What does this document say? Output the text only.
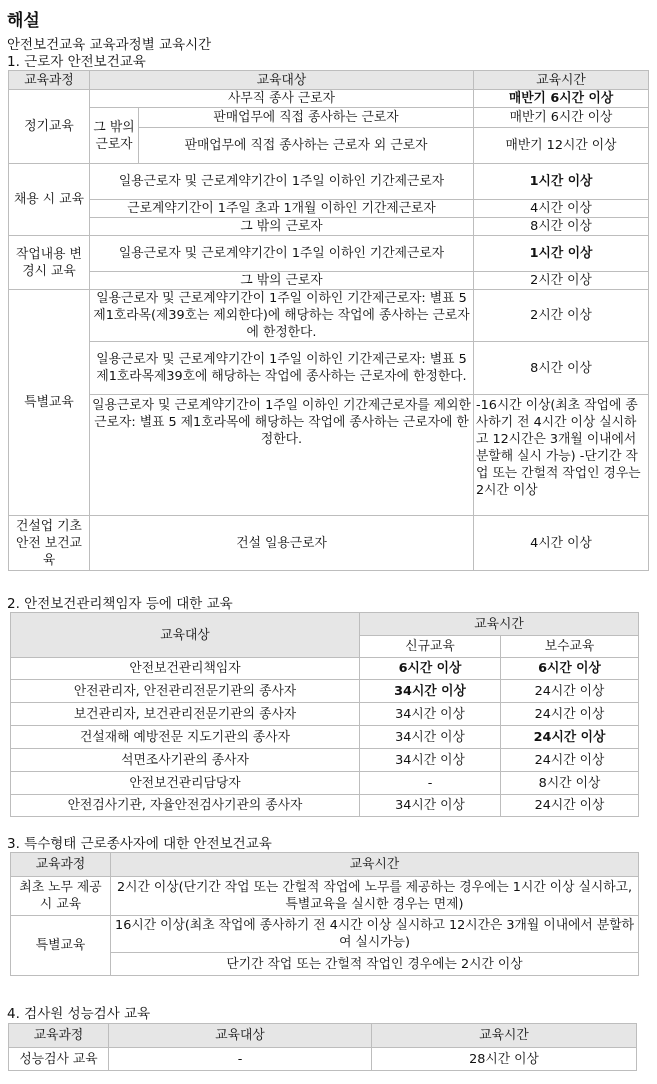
해설
안전보건교육 교육과정별 교육시간
1. 근로자 안전보건교육
교육과정	교육대상		교육시간
정기교육	사무직 종사 근로자		매반기 6시간 이상
	그 밖의 근로자	판매업무에 직접 종사하는 근로자	매반기 6시간 이상
		판매업무에 직접 종사하는 근로자 외 근로자	매반기 12시간 이상
채용 시 교육	일용근로자 및 근로계약기간이 1주일 이하인 기간제근로자		1시간 이상
	근로계약기간이 1주일 초과 1개월 이하인 기간제근로자		4시간 이상
	그 밖의 근로자		8시간 이상
작업내용 변경시 교육	일용근로자 및 근로계약기간이 1주일 이하인 기간제근로자		1시간 이상
	그 밖의 근로자		2시간 이상
특별교육	일용근로자 및 근로계약기간이 1주일 이하인 기간제근로자: 별표 5 제1호라목(제39호는 제외한다)에 해당하는 작업에 종사하는 근로자에 한정한다.		2시간 이상
	일용근로자 및 근로계약기간이 1주일 이하인 기간제근로자: 별표 5 제1호라목제39호에 해당하는 작업에 종사하는 근로자에 한정한다.		8시간 이상
	일용근로자 및 근로계약기간이 1주일 이하인 기간제근로자를 제외한 근로자: 별표 5 제1호라목에 해당하는 작업에 종사하는 근로자에 한정한다.		-16시간 이상(최초 작업에 종사하기 전 4시간 이상 실시하고 12시간은 3개월 이내에서 분할해 실시 가능) -단기간 작업 또는 간헐적 작업인 경우는 2시간 이상
건설업 기초안전 보건교육	건설 일용근로자		4시간 이상
2. 안전보건관리책임자 등에 대한 교육
교육대상	교육시간	
	신규교육	보수교육
안전보건관리책임자	6시간 이상	6시간 이상
안전관리자, 안전관리전문기관의 종사자	34시간 이상	24시간 이상
보건관리자, 보건관리전문기관의 종사자	34시간 이상	24시간 이상
건설재해 예방전문 지도기관의 종사자	34시간 이상	24시간 이상
석면조사기관의 종사자	34시간 이상	24시간 이상
안전보건관리담당자	-	8시간 이상
안전검사기관, 자율안전검사기관의 종사자	34시간 이상	24시간 이상
3. 특수형태 근로종사자에 대한 안전보건교육
교육과정	교육시간
최초 노무 제공 시 교육	2시간 이상(단기간 작업 또는 간헐적 작업에 노무를 제공하는 경우에는 1시간 이상 실시하고, 특별교육을 실시한 경우는 면제)
특별교육	16시간 이상(최초 작업에 종사하기 전 4시간 이상 실시하고 12시간은 3개월 이내에서 분할하여 실시가능)
	단기간 작업 또는 간헐적 작업인 경우에는 2시간 이상
4. 검사원 성능검사 교육
교육과정	교육대상	교육시간
성능검사 교육	-	28시간 이상
